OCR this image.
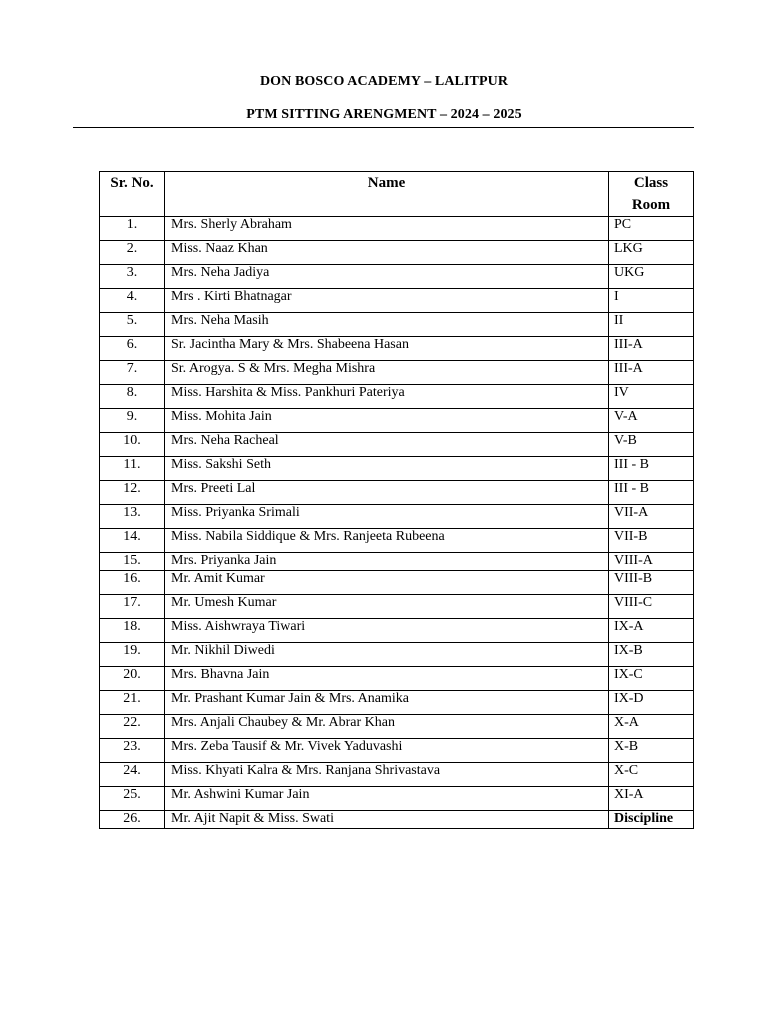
DON BOSCO ACADEMY – LALITPUR
PTM SITTING ARENGMENT – 2024 – 2025
Sr. No.	Name	Class Room
1.	Mrs. Sherly Abraham	PC
2.	Miss. Naaz Khan	LKG
3.	Mrs. Neha Jadiya	UKG
4.	Mrs . Kirti Bhatnagar	I
5.	Mrs. Neha Masih	II
6.	Sr. Jacintha Mary & Mrs. Shabeena Hasan	III-A
7.	Sr. Arogya. S & Mrs. Megha Mishra	III-A
8.	Miss. Harshita & Miss. Pankhuri Pateriya	IV
9.	Miss. Mohita Jain	V-A
10.	Mrs. Neha Racheal	V-B
11.	Miss. Sakshi Seth	III - B
12.	Mrs. Preeti Lal	III - B
13.	Miss. Priyanka Srimali	VII-A
14.	Miss. Nabila Siddique & Mrs. Ranjeeta Rubeena	VII-B
15.	Mrs. Priyanka Jain	VIII-A
16.	Mr. Amit Kumar	VIII-B
17.	Mr. Umesh Kumar	VIII-C
18.	Miss. Aishwraya Tiwari	IX-A
19.	Mr. Nikhil Diwedi	IX-B
20.	Mrs. Bhavna Jain	IX-C
21.	Mr. Prashant Kumar Jain & Mrs. Anamika	IX-D
22.	Mrs. Anjali Chaubey & Mr. Abrar Khan	X-A
23.	Mrs. Zeba Tausif & Mr. Vivek Yaduvashi	X-B
24.	Miss. Khyati Kalra & Mrs. Ranjana Shrivastava	X-C
25.	Mr. Ashwini Kumar Jain	XI-A
26.	Mr. Ajit Napit & Miss. Swati	Discipline
